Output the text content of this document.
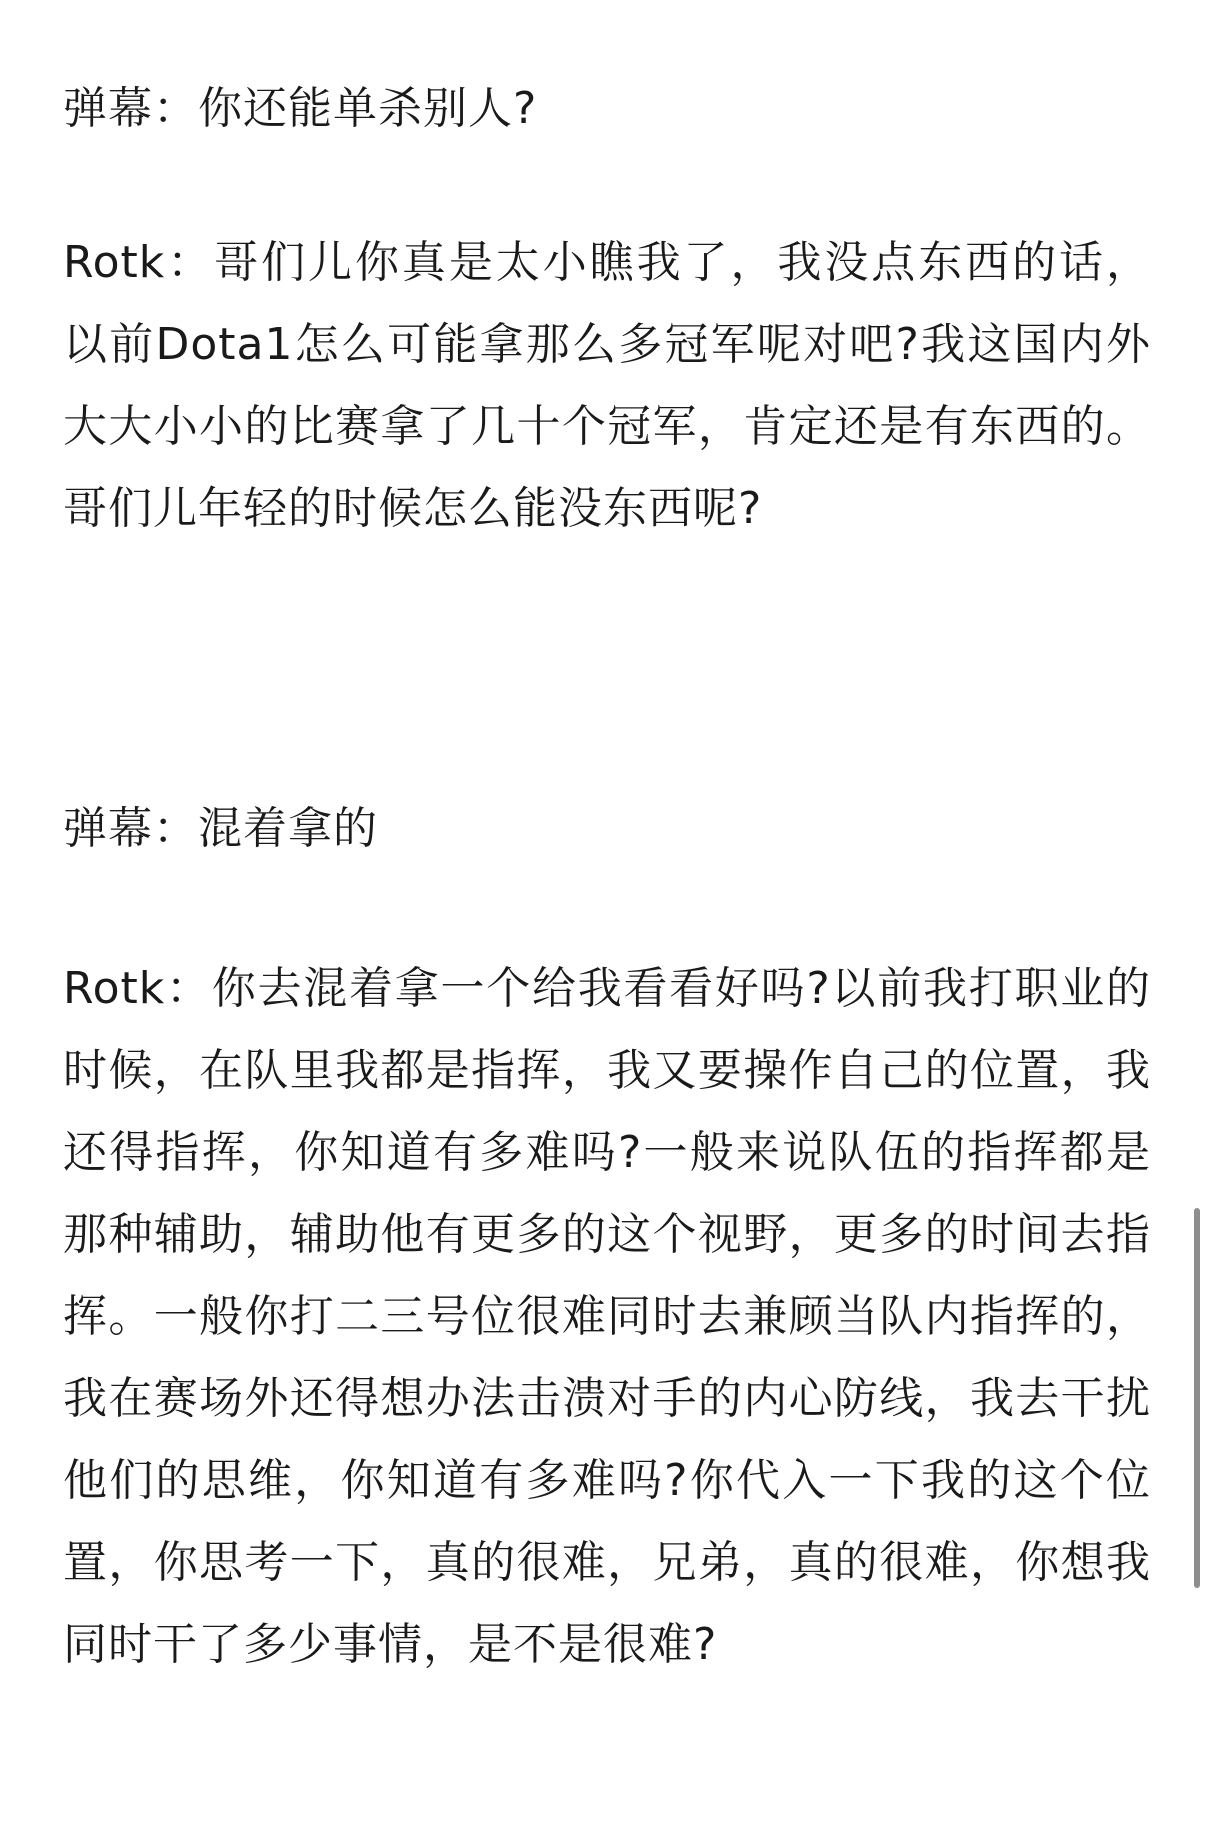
弹幕：你还能单杀别人?

Rotk：哥们儿你真是太小瞧我了，我没点东西的话，以前Dota1怎么可能拿那么多冠军呢对吧?我这国内外大大小小的比赛拿了几十个冠军，肯定还是有东西的。哥们儿年轻的时候怎么能没东西呢?

弹幕：混着拿的

Rotk：你去混着拿一个给我看看好吗?以前我打职业的时候，在队里我都是指挥，我又要操作自己的位置，我还得指挥，你知道有多难吗?一般来说队伍的指挥都是那种辅助，辅助他有更多的这个视野，更多的时间去指挥。一般你打二三号位很难同时去兼顾当队内指挥的，我在赛场外还得想办法击溃对手的内心防线，我去干扰他们的思维，你知道有多难吗?你代入一下我的这个位置，你思考一下，真的很难，兄弟，真的很难，你想我同时干了多少事情，是不是很难?
